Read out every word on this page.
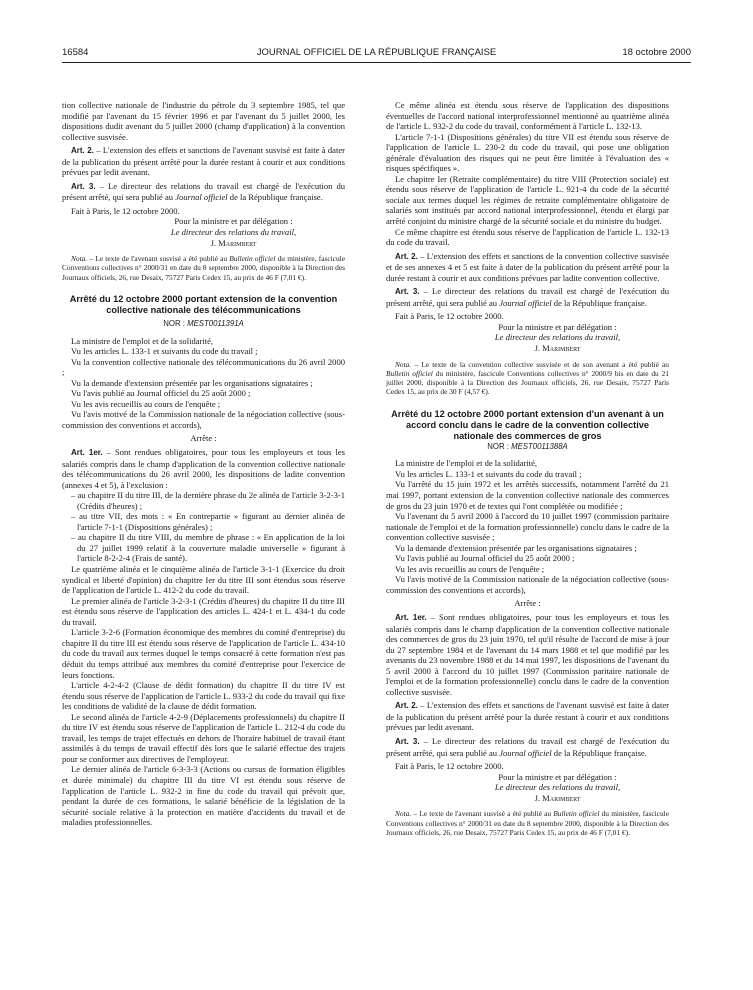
16584	JOURNAL OFFICIEL DE LA RÉPUBLIQUE FRANÇAISE	18 octobre 2000

tion collective nationale de l'industrie du pétrole du 3 septembre 1985, tel que modifié par l'avenant du 15 février 1996 et par l'avenant du 5 juillet 2000, les dispositions dudit avenant du 5 juillet 2000 (champ d'application) à la convention collective susvisée.

Art. 2. – L'extension des effets et sanctions de l'avenant susvisé est faite à dater de la publication du présent arrêté pour la durée restant à courir et aux conditions prévues par ledit avenant.

Art. 3. – Le directeur des relations du travail est chargé de l'exécution du présent arrêté, qui sera publié au Journal officiel de la République française.

Fait à Paris, le 12 octobre 2000.

Pour la ministre et par délégation :

Le directeur des relations du travail,

J. Marimbert

Nota. – Le texte de l'avenant susvisé a été publié au Bulletin officiel du ministère, fascicule Conventions collectives n° 2000/31 en date du 8 septembre 2000, disponible à la Direction des Journaux officiels, 26, rue Desaix, 75727 Paris Cedex 15, au prix de 46 F (7,01 €).

Arrêté du 12 octobre 2000 portant extension de la convention collective nationale des télécommunications

NOR : MEST0011391A

La ministre de l'emploi et de la solidarité,

Vu les articles L. 133-1 et suivants du code du travail ;

Vu la convention collective nationale des télécommunications du 26 avril 2000 ;

Vu la demande d'extension présentée par les organisations signataires ;

Vu l'avis publié au Journal officiel du 25 août 2000 ;

Vu les avis recueillis au cours de l'enquête ;

Vu l'avis motivé de la Commission nationale de la négociation collective (sous-commission des conventions et accords),

Arrête :

Art. 1er. – Sont rendues obligatoires, pour tous les employeurs et tous les salariés compris dans le champ d'application de la convention collective nationale des télécommunications du 26 avril 2000, les dispositions de ladite convention (annexes 4 et 5), à l'exclusion :

– au chapitre II du titre III, de la dernière phrase du 2e alinéa de l'article 3-2-3-1 (Crédits d'heures) ;
– au titre VII, des mots : « En contrepartie » figurant au dernier alinéa de l'article 7-1-1 (Dispositions générales) ;
– au chapitre II du titre VIII, du membre de phrase : « En application de la loi du 27 juillet 1999 relatif à la couverture maladie universelle » figurant à l'article 8-2-2-4 (Frais de santé).

Le quatrième alinéa et le cinquième alinéa de l'article 3-1-1 (Exercice du droit syndical et liberté d'opinion) du chapitre Ier du titre III sont étendus sous réserve de l'application de l'article L. 412-2 du code du travail.

Le premier alinéa de l'article 3-2-3-1 (Crédits d'heures) du chapitre II du titre III est étendu sous réserve de l'application des articles L. 424-1 et L. 434-1 du code du travail.

L'article 3-2-6 (Formation économique des membres du comité d'entreprise) du chapitre II du titre III est étendu sous réserve de l'application de l'article L. 434-10 du code du travail aux termes duquel le temps consacré à cette formation n'est pas déduit du temps attribué aux membres du comité d'entreprise pour l'exercice de leurs fonctions.

L'article 4-2-4-2 (Clause de dédit formation) du chapitre II du titre IV est étendu sous réserve de l'application de l'article L. 933-2 du code du travail qui fixe les conditions de validité de la clause de dédit formation.

Le second alinéa de l'article 4-2-9 (Déplacements professionnels) du chapitre II du titre IV est étendu sous réserve de l'application de l'article L. 212-4 du code du travail, les temps de trajet effectués en dehors de l'horaire habituel de travail étant assimilés à du temps de travail effectif dès lors que le salarié effectue des trajets pour se conformer aux directives de l'employeur.

Le dernier alinéa de l'article 6-3-3-3 (Actions ou cursus de formation éligibles et durée minimale) du chapitre III du titre VI est étendu sous réserve de l'application de l'article L. 932-2 in fine du code du travail qui prévoit que, pendant la durée de ces formations, le salarié bénéficie de la législation de la sécurité sociale relative à la protection en matière d'accidents du travail et de maladies professionnelles.

Ce même alinéa est étendu sous réserve de l'application des dispositions éventuelles de l'accord national interprofessionnel mentionné au quatrième alinéa de l'article L. 932-2 du code du travail, conformément à l'article L. 132-13.

L'article 7-1-1 (Dispositions générales) du titre VII est étendu sous réserve de l'application de l'article L. 230-2 du code du travail, qui pose une obligation générale d'évaluation des risques qui ne peut être limitée à l'évaluation des « risques spécifiques ».

Le chapitre Ier (Retraite complémentaire) du titre VIII (Protection sociale) est étendu sous réserve de l'application de l'article L. 921-4 du code de la sécurité sociale aux termes duquel les régimes de retraite complémentaire obligatoire de salariés sont institués par accord national interprofessionnel, étendu et élargi par arrêté conjoint du ministre chargé de la sécurité sociale et du ministre du budget.

Ce même chapitre est étendu sous réserve de l'application de l'article L. 132-13 du code du travail.

Art. 2. – L'extension des effets et sanctions de la convention collective susvisée et de ses annexes 4 et 5 est faite à dater de la publication du présent arrêté pour la durée restant à courir et aux conditions prévues par ladite convention collective.

Art. 3. – Le directeur des relations du travail est chargé de l'exécution du présent arrêté, qui sera publié au Journal officiel de la République française.

Fait à Paris, le 12 octobre 2000.

Pour la ministre et par délégation :

Le directeur des relations du travail,

J. Marimbert

Nota. – Le texte de la convention collective susvisée et de son avenant a été publié au Bulletin officiel du ministère, fascicule Conventions collectives n° 2000/9 bis en date du 21 juillet 2000, disponible à la Direction des Journaux officiels, 26, rue Desaix, 75727 Paris Cedex 15, au prix de 30 F (4,57 €).

Arrêté du 12 octobre 2000 portant extension d'un avenant à un accord conclu dans le cadre de la convention collective nationale des commerces de gros

NOR : MEST0011388A

La ministre de l'emploi et de la solidarité,

Vu les articles L. 133-1 et suivants du code du travail ;

Vu l'arrêté du 15 juin 1972 et les arrêtés successifs, notamment l'arrêté du 21 mai 1997, portant extension de la convention collective nationale des commerces de gros du 23 juin 1970 et de textes qui l'ont complétée ou modifiée ;

Vu l'avenant du 5 avril 2000 à l'accord du 10 juillet 1997 (commission paritaire nationale de l'emploi et de la formation professionnelle) conclu dans le cadre de la convention collective susvisée ;

Vu la demande d'extension présentée par les organisations signataires ;

Vu l'avis publié au Journal officiel du 25 août 2000 ;

Vu les avis recueillis au cours de l'enquête ;

Vu l'avis motivé de la Commission nationale de la négociation collective (sous-commission des conventions et accords),

Arrête :

Art. 1er. – Sont rendues obligatoires, pour tous les employeurs et tous les salariés compris dans le champ d'application de la convention collective nationale des commerces de gros du 23 juin 1970, tel qu'il résulte de l'accord de mise à jour du 27 septembre 1984 et de l'avenant du 14 mars 1988 et tel que modifié par les avenants du 23 novembre 1988 et du 14 mai 1997, les dispositions de l'avenant du 5 avril 2000 à l'accord du 10 juillet 1997 (Commission paritaire nationale de l'emploi et de la formation professionnelle) conclu dans le cadre de la convention collective susvisée.

Art. 2. – L'extension des effets et sanctions de l'avenant susvisé est faite à dater de la publication du présent arrêté pour la durée restant à courir et aux conditions prévues par ledit avenant.

Art. 3. – Le directeur des relations du travail est chargé de l'exécution du présent arrêté, qui sera publié au Journal officiel de la République française.

Fait à Paris, le 12 octobre 2000.

Pour la ministre et par délégation :

Le directeur des relations du travail,

J. Marimbert

Nota. – Le texte de l'avenant susvisé a été publié au Bulletin officiel du ministère, fascicule Conventions collectives n° 2000/31 en date du 8 septembre 2000, disponible à la Direction des Journaux officiels, 26, rue Desaix, 75727 Paris Cedex 15, au prix de 46 F (7,01 €).
